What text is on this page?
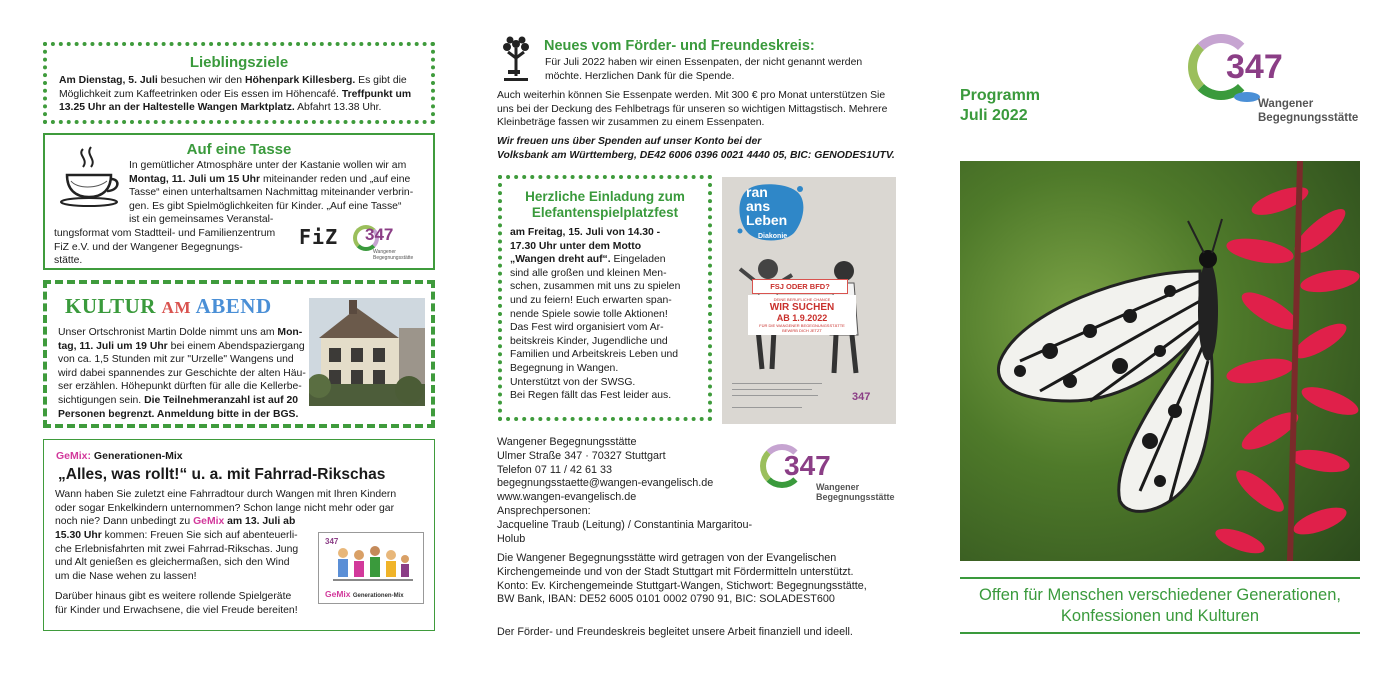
Lieblingsziele

Am Dienstag, 5. Juli besuchen wir den Höhenpark Killesberg. Es gibt die Möglichkeit zum Kaffeetrinken oder Eis essen im Höhencafé. Treffpunkt um 13.25 Uhr an der Haltestelle Wangen Marktplatz. Abfahrt 13.38 Uhr.

Auf eine Tasse

In gemütlicher Atmosphäre unter der Kastanie wollen wir am
Montag, 11. Juli um 15 Uhr miteinander reden und „auf eine
Tasse“ einen unterhaltsamen Nachmittag miteinander verbrin-
gen. Es gibt Spielmöglichkeiten für Kinder. „Auf eine Tasse“

ist ein gemeinsames Veranstal-

tungsformat vom Stadtteil- und Familienzentrum
FiZ e.V. und der Wangener Begegnungs-
stätte.

FiZ 347
Wangener Begegnungsstätte
KULTUR AM ABEND

Unser Ortschronist Martin Dolde nimmt uns am Mon-
tag, 11. Juli um 19 Uhr bei einem Abendspaziergang
von ca. 1,5 Stunden mit zur "Urzelle" Wangens und
wird dabei spannendes zur Geschichte der alten Häu-
ser erzählen. Höhepunkt dürften für alle die Kellerbe-
sichtigungen sein. Die Teilnehmeranzahl ist auf 20
Personen begrenzt. Anmeldung bitte in der BGS.

GeMix: Generationen-Mix
„Alles, was rollt!“ u. a. mit Fahrrad-Rikschas

Wann haben Sie zuletzt eine Fahrradtour durch Wangen mit Ihren Kindern
oder sogar Enkelkindern unternommen? Schon lange nicht mehr oder gar
noch nie? Dann unbedingt zu GeMix am 13. Juli ab

15.30 Uhr kommen: Freuen Sie sich auf abenteuerli-
che Erlebnisfahrten mit zwei Fahrrad-Rikschas. Jung
und Alt genießen es gleichermaßen, sich den Wind
um die Nase wehen zu lassen!

Darüber hinaus gibt es weitere rollende Spielgeräte
für Kinder und Erwachsene, die viel Freude bereiten!

347
GeMix Generationen-Mix
Neues vom Förder- und Freundeskreis:

Für Juli 2022 haben wir einen Essenpaten, der nicht genannt werden
möchte. Herzlichen Dank für die Spende.

Auch weiterhin können Sie Essenpate werden. Mit 300 € pro Monat unterstützen Sie
uns bei der Deckung des Fehlbetrags für unseren so wichtigen Mittagstisch. Mehrere
Kleinbeträge fassen wir zusammen zu einem Essenpaten.

Wir freuen uns über Spenden auf unser Konto bei der
Volksbank am Württemberg, DE42 6006 0396 0021 4440 05, BIC: GENODES1UTV.

Herzliche Einladung zum
Elefantenspielplatzfest

am Freitag, 15. Juli von 14.30 -
17.30 Uhr unter dem Motto
„Wangen dreht auf“. Eingeladen
sind alle großen und kleinen Men-
schen, zusammen mit uns zu spielen
und zu feiern! Euch erwarten span-
nende Spiele sowie tolle Aktionen!
Das Fest wird organisiert vom Ar-
beitskreis Kinder, Jugendliche und
Familien und Arbeitskreis Leben und
Begegnung in Wangen.
Unterstützt von der SWSG.
Bei Regen fällt das Fest leider aus.

ran
ans
Leben
Diakonie
FSJ ODER BFD?
DEINE BERUFLICHE CHANCE
WIR SUCHEN
AB 1.9.2022
FÜR DIE WANGENER BEGEGNUNGSSTÄTTE
BEWIRB DICH JETZT
347

Wangener Begegnungsstätte
Ulmer Straße 347 · 70327 Stuttgart
Telefon 07 11 / 42 61 33
begegnungsstaette@wangen-evangelisch.de
www.wangen-evangelisch.de
Ansprechpersonen:
Jacqueline Traub (Leitung) / Constantinia Margaritou-Holub

347
Wangener
Begegnungsstätte

Die Wangener Begegnungsstätte wird getragen von der Evangelischen
Kirchengemeinde und von der Stadt Stuttgart mit Fördermitteln unterstützt.
Konto: Ev. Kirchengemeinde Stuttgart-Wangen, Stichwort: Begegnungsstätte,
BW Bank, IBAN: DE52 6005 0101 0002 0790 91, BIC: SOLADEST600

Der Förder- und Freundeskreis begleitet unsere Arbeit finanziell und ideell.

Programm
Juli 2022
347
Wangener
Begegnungsstätte
Offen für Menschen verschiedener Generationen,
Konfessionen und Kulturen
